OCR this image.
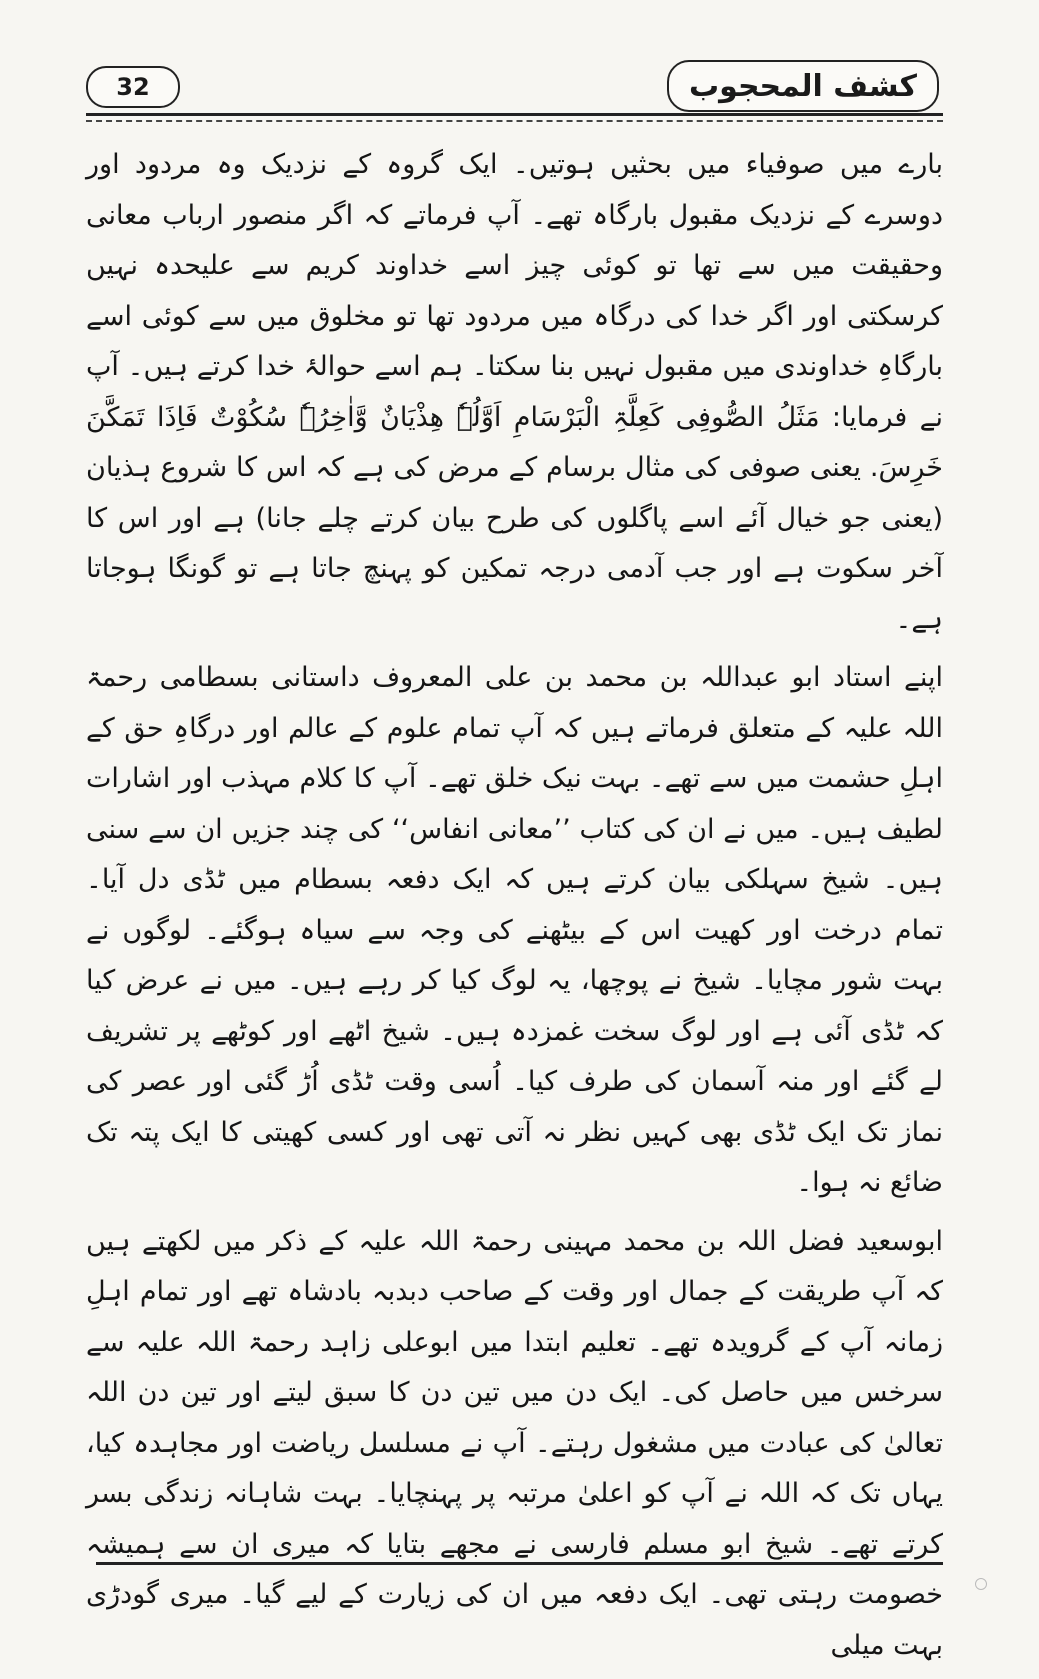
32	کشف المحجوب

بارے میں صوفیاء میں بحثیں ہوتیں۔ ایک گروہ کے نزدیک وہ مردود اور دوسرے کے نزدیک مقبول بارگاہ تھے۔ آپ فرماتے کہ اگر منصور ارباب معانی وحقیقت میں سے تھا تو کوئی چیز اسے خداوند کریم سے علیحدہ نہیں کرسکتی اور اگر خدا کی درگاہ میں مردود تھا تو مخلوق میں سے کوئی اسے بارگاہِ خداوندی میں مقبول نہیں بنا سکتا۔ ہم اسے حوالۂ خدا کرتے ہیں۔ آپ نے فرمایا: مَثَلُ الصُّوفِی کَعِلَّۃِ الْبَرْسَامِ اَوَّلُہٗ ھِذْیَانٌ وَّاٰخِرُہٗ سُکُوْتٌ فَاِذَا تَمَکَّنَ خَرِسَ. یعنی صوفی کی مثال برسام کے مرض کی ہے کہ اس کا شروع ہذیان (یعنی جو خیال آئے اسے پاگلوں کی طرح بیان کرتے چلے جانا) ہے اور اس کا آخر سکوت ہے اور جب آدمی درجہ تمکین کو پہنچ جاتا ہے تو گونگا ہوجاتا ہے۔

اپنے استاد ابو عبداللہ بن محمد بن علی المعروف داستانی بسطامی رحمۃ اللہ علیہ کے متعلق فرماتے ہیں کہ آپ تمام علوم کے عالم اور درگاہِ حق کے اہلِ حشمت میں سے تھے۔ بہت نیک خلق تھے۔ آپ کا کلام مہذب اور اشارات لطیف ہیں۔ میں نے ان کی کتاب ’’معانی انفاس‘‘ کی چند جزیں ان سے سنی ہیں۔ شیخ سہلکی بیان کرتے ہیں کہ ایک دفعہ بسطام میں ٹڈی دل آیا۔ تمام درخت اور کھیت اس کے بیٹھنے کی وجہ سے سیاہ ہوگئے۔ لوگوں نے بہت شور مچایا۔ شیخ نے پوچھا، یہ لوگ کیا کر رہے ہیں۔ میں نے عرض کیا کہ ٹڈی آئی ہے اور لوگ سخت غمزدہ ہیں۔ شیخ اٹھے اور کوٹھے پر تشریف لے گئے اور منہ آسمان کی طرف کیا۔ اُسی وقت ٹڈی اُڑ گئی اور عصر کی نماز تک ایک ٹڈی بھی کہیں نظر نہ آتی تھی اور کسی کھیتی کا ایک پتہ تک ضائع نہ ہوا۔

ابوسعید فضل اللہ بن محمد مہینی رحمۃ اللہ علیہ کے ذکر میں لکھتے ہیں کہ آپ طریقت کے جمال اور وقت کے صاحب دبدبہ بادشاہ تھے اور تمام اہلِ زمانہ آپ کے گرویدہ تھے۔ تعلیم ابتدا میں ابوعلی زاہد رحمۃ اللہ علیہ سے سرخس میں حاصل کی۔ ایک دن میں تین دن کا سبق لیتے اور تین دن اللہ تعالیٰ کی عبادت میں مشغول رہتے۔ آپ نے مسلسل ریاضت اور مجاہدہ کیا، یہاں تک کہ اللہ نے آپ کو اعلیٰ مرتبہ پر پہنچایا۔ بہت شاہانہ زندگی بسر کرتے تھے۔ شیخ ابو مسلم فارسی نے مجھے بتایا کہ میری ان سے ہمیشہ خصومت رہتی تھی۔ ایک دفعہ میں ان کی زیارت کے لیے گیا۔ میری گودڑی بہت میلی
